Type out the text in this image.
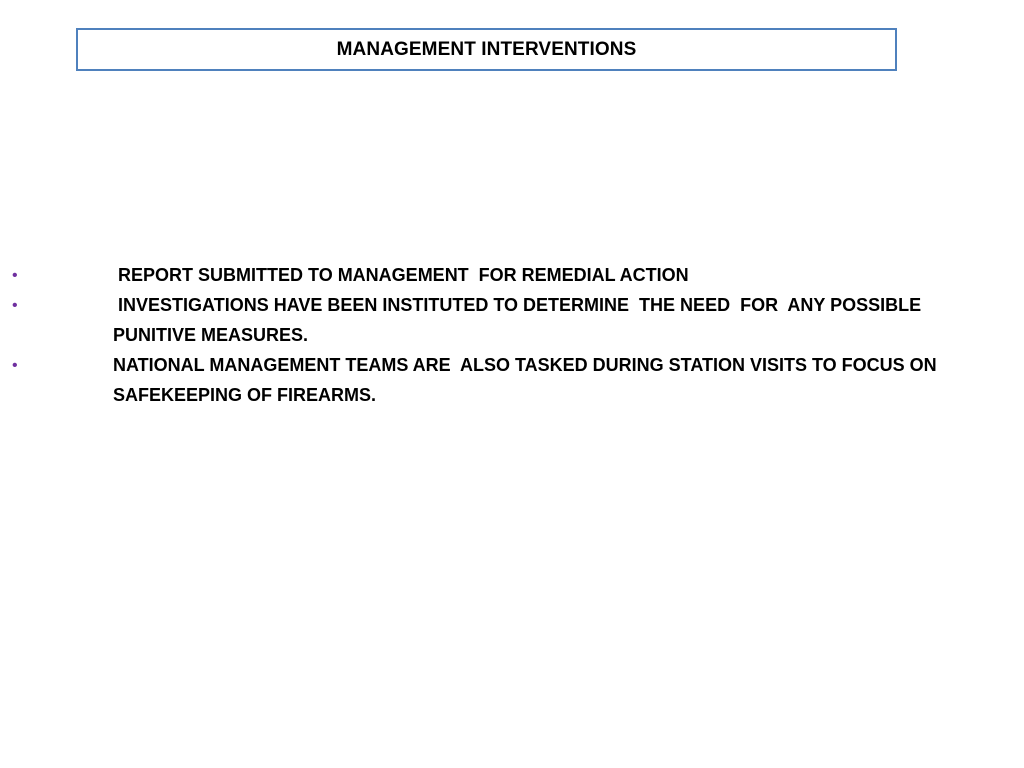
MANAGEMENT INTERVENTIONS
•	REPORT SUBMITTED TO MANAGEMENT  FOR REMEDIAL ACTION
•	INVESTIGATIONS HAVE BEEN INSTITUTED TO DETERMINE  THE NEED  FOR  ANY POSSIBLE  PUNITIVE MEASURES.
•	NATIONAL MANAGEMENT TEAMS ARE  ALSO TASKED DURING STATION VISITS TO FOCUS ON SAFEKEEPING OF FIREARMS.
